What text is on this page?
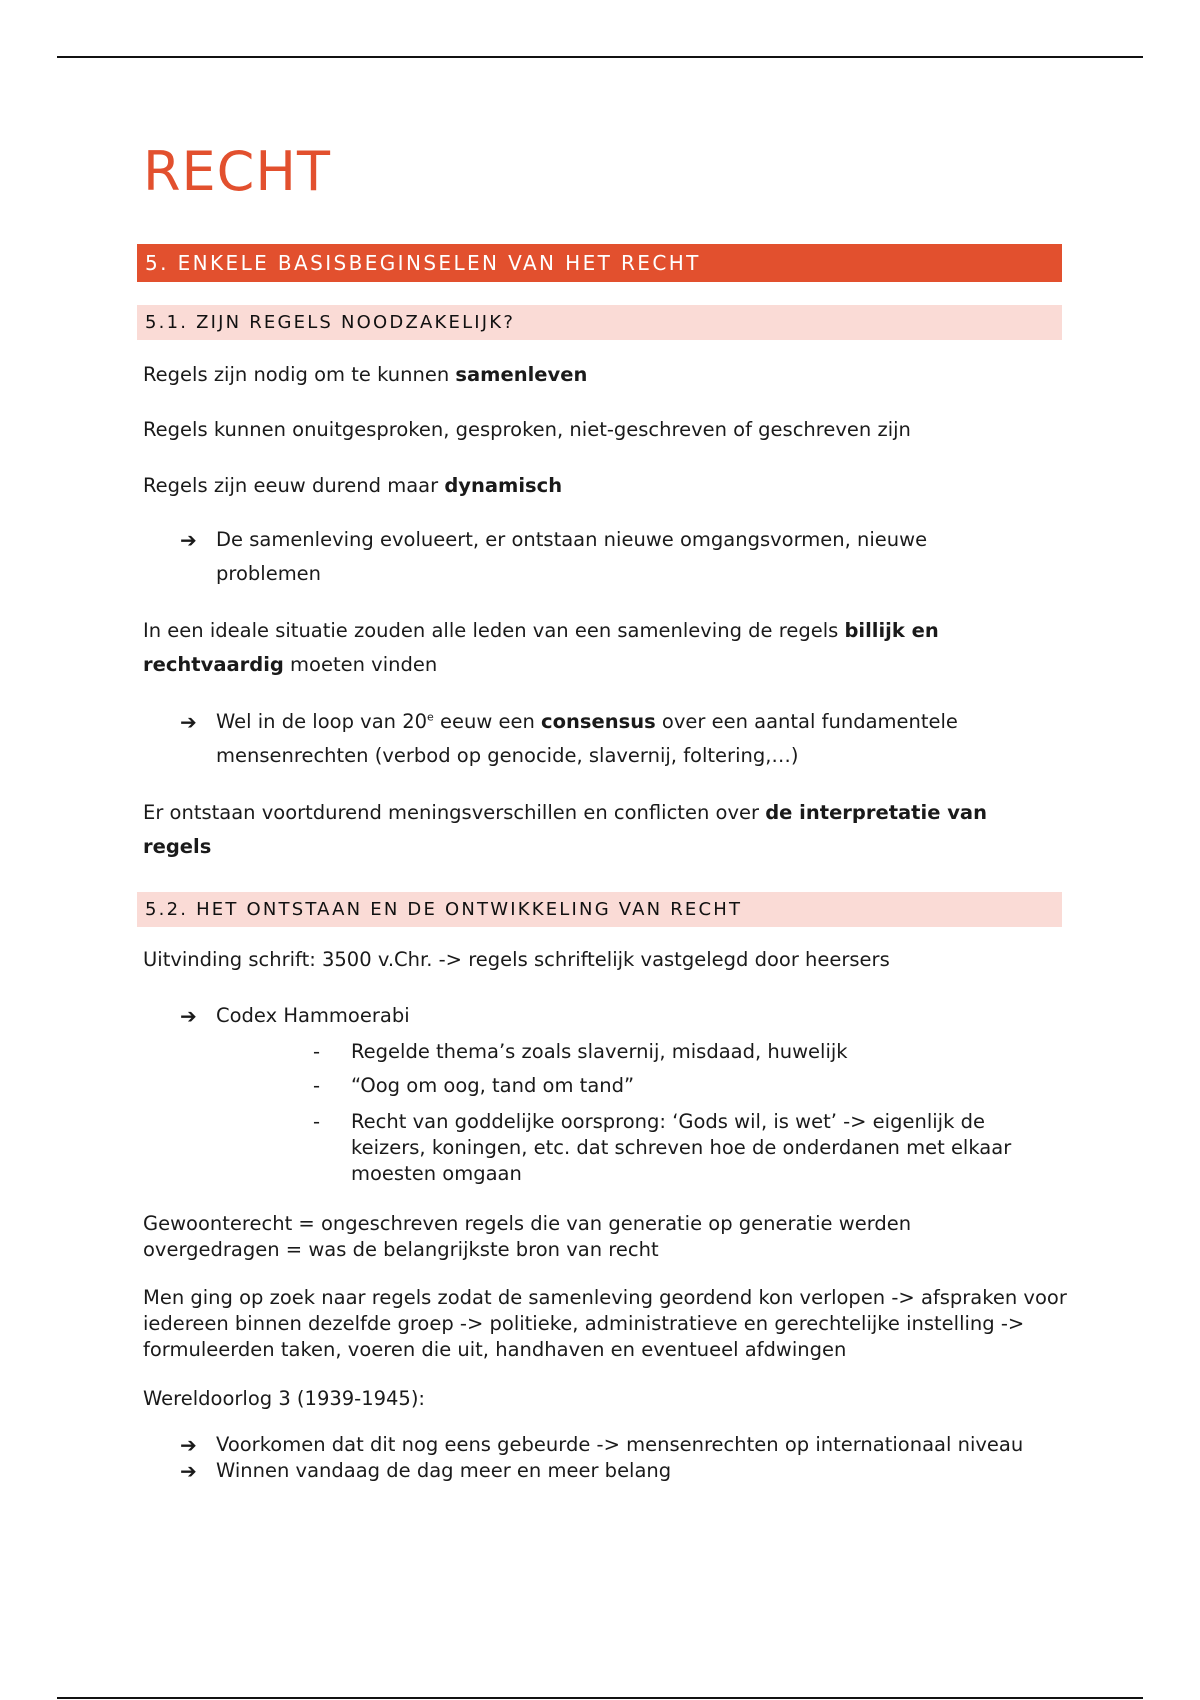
RECHT
5. ENKELE BASISBEGINSELEN VAN HET RECHT
5.1. ZIJN REGELS NOODZAKELIJK?

Regels zijn nodig om te kunnen samenleven

Regels kunnen onuitgesproken, gesproken, niet-geschreven of geschreven zijn

Regels zijn eeuw durend maar dynamisch

➔ De samenleving evolueert, er ontstaan nieuwe omgangsvormen, nieuwe problemen

In een ideale situatie zouden alle leden van een samenleving de regels billijk en rechtvaardig moeten vinden

➔ Wel in de loop van 20e eeuw een consensus over een aantal fundamentele mensenrechten (verbod op genocide, slavernij, foltering,…)

Er ontstaan voortdurend meningsverschillen en conflicten over de interpretatie van regels

5.2. HET ONTSTAAN EN DE ONTWIKKELING VAN RECHT

Uitvinding schrift: 3500 v.Chr. -> regels schriftelijk vastgelegd door heersers

➔ Codex Hammoerabi
- Regelde thema’s zoals slavernij, misdaad, huwelijk
- “Oog om oog, tand om tand”
- Recht van goddelijke oorsprong: ‘Gods wil, is wet’ -> eigenlijk de keizers, koningen, etc. dat schreven hoe de onderdanen met elkaar moesten omgaan

Gewoonterecht = ongeschreven regels die van generatie op generatie werden overgedragen = was de belangrijkste bron van recht

Men ging op zoek naar regels zodat de samenleving geordend kon verlopen -> afspraken voor iedereen binnen dezelfde groep -> politieke, administratieve en gerechtelijke instelling -> formuleerden taken, voeren die uit, handhaven en eventueel afdwingen

Wereldoorlog 3 (1939-1945):

➔ Voorkomen dat dit nog eens gebeurde -> mensenrechten op internationaal niveau
➔ Winnen vandaag de dag meer en meer belang
